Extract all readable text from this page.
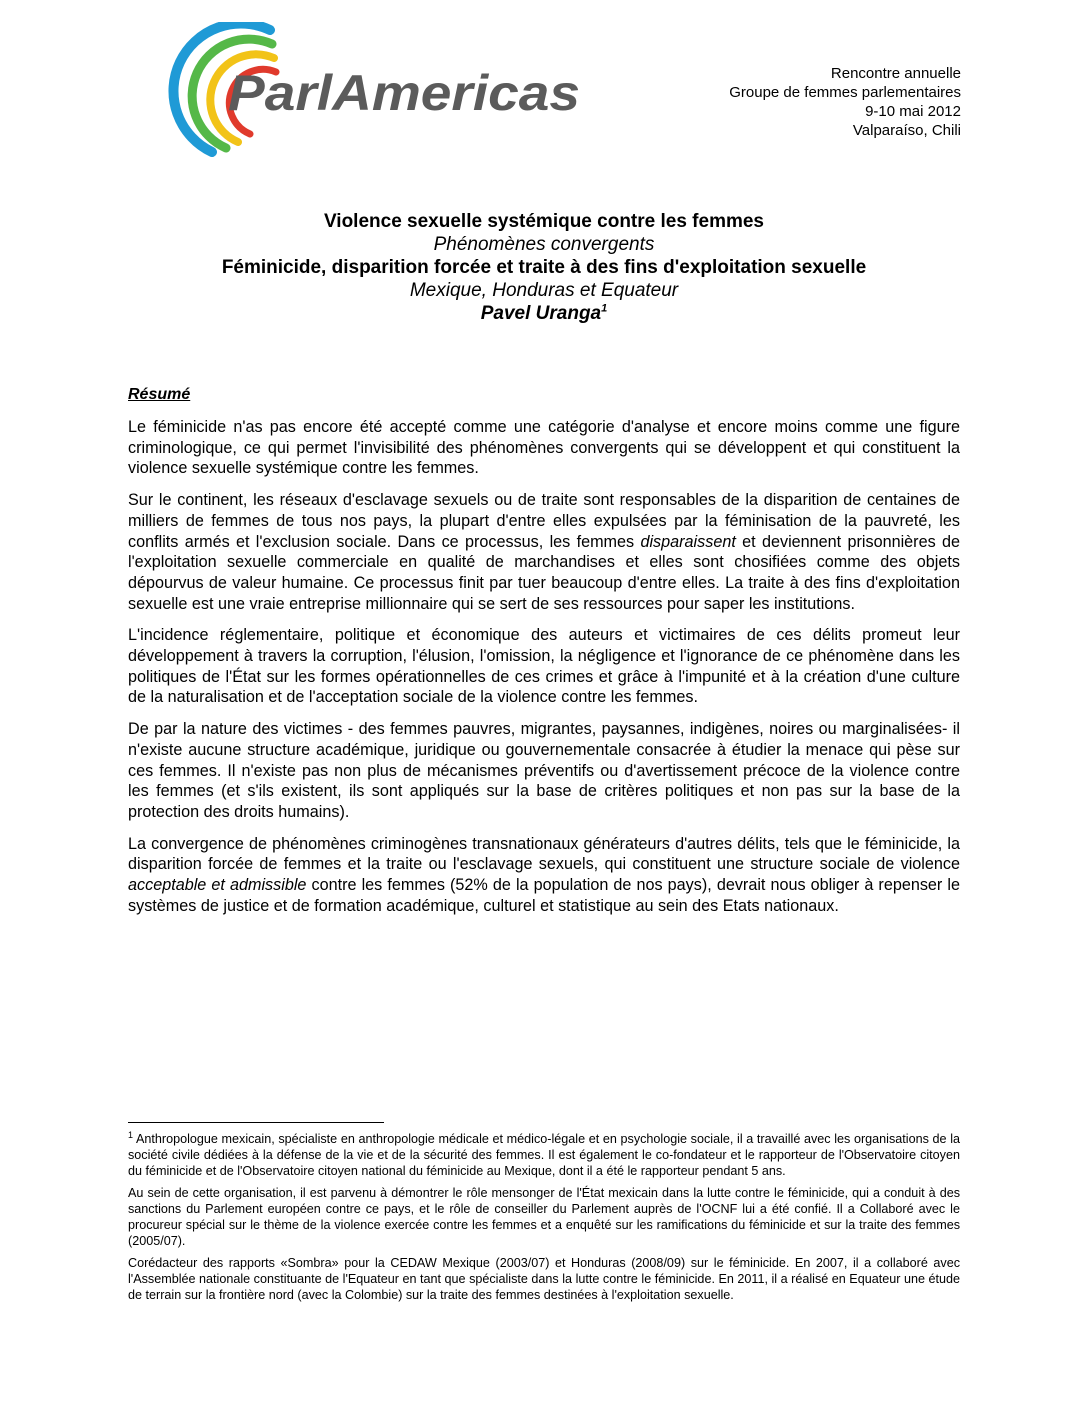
ParlAmericas	Rencontre annuelle
Groupe de femmes parlementaires
9-10 mai 2012
Valparaíso, Chili
Violence sexuelle systémique contre les femmes
Phénomènes convergents
Féminicide, disparition forcée et traite à des fins d'exploitation sexuelle
Mexique, Honduras et Equateur
Pavel Uranga$^1$
Résumé

Le féminicide n'as pas encore été accepté comme une catégorie d'analyse et encore moins comme une figure criminologique, ce qui permet l'invisibilité des phénomènes convergents qui se développent et qui constituent la violence sexuelle systémique contre les femmes.

Sur le continent, les réseaux d'esclavage sexuels ou de traite sont responsables de la disparition de centaines de milliers de femmes de tous nos pays, la plupart d'entre elles expulsées par la féminisation de la pauvreté, les conflits armés et l'exclusion sociale. Dans ce processus, les femmes disparaissent et deviennent prisonnières de l'exploitation sexuelle commerciale en qualité de marchandises et elles sont chosifiées comme des objets dépourvus de valeur humaine. Ce processus finit par tuer beaucoup d'entre elles. La traite à des fins d'exploitation sexuelle est une vraie entreprise millionnaire qui se sert de ses ressources pour saper les institutions.

L'incidence réglementaire, politique et économique des auteurs et victimaires de ces délits promeut leur développement à travers la corruption, l'élusion, l'omission, la négligence et l'ignorance de ce phénomène dans les politiques de l'État sur les formes opérationnelles de ces crimes et grâce à l'impunité et à la création d'une culture de la naturalisation et de l'acceptation sociale de la violence contre les femmes.

De par la nature des victimes - des femmes pauvres, migrantes, paysannes, indigènes, noires ou marginalisées- il n'existe aucune structure académique, juridique ou gouvernementale consacrée à étudier la menace qui pèse sur ces femmes. Il n'existe pas non plus de mécanismes préventifs ou d'avertissement précoce de la violence contre les femmes (et s'ils existent, ils sont appliqués sur la base de critères politiques et non pas sur la base de la protection des droits humains).

La convergence de phénomènes criminogènes transnationaux générateurs d'autres délits, tels que le féminicide, la disparition forcée de femmes et la traite ou l'esclavage sexuels, qui constituent une structure sociale de violence acceptable et admissible contre les femmes (52% de la population de nos pays), devrait nous obliger à repenser le systèmes de justice et de formation académique, culturel et statistique au sein des Etats nationaux.

$^1$ Anthropologue mexicain, spécialiste en anthropologie médicale et médico-légale et en psychologie sociale, il a travaillé avec les organisations de la société civile dédiées à la défense de la vie et de la sécurité des femmes. Il est également le co-fondateur et le rapporteur de l'Observatoire citoyen du féminicide et de l'Observatoire citoyen national du féminicide au Mexique, dont il a été le rapporteur pendant 5 ans.

Au sein de cette organisation, il est parvenu à démontrer le rôle mensonger de l'État mexicain dans la lutte contre le féminicide, qui a conduit à des sanctions du Parlement européen contre ce pays, et le rôle de conseiller du Parlement auprès de l'OCNF lui a été confié. Il a Collaboré avec le procureur spécial sur le thème de la violence exercée contre les femmes et a enquêté sur les ramifications du féminicide et sur la traite des femmes (2005/07).

Corédacteur des rapports «Sombra» pour la CEDAW Mexique (2003/07) et Honduras (2008/09) sur le féminicide. En 2007, il a collaboré avec l'Assemblée nationale constituante de l'Equateur en tant que spécialiste dans la lutte contre le féminicide. En 2011, il a réalisé en Equateur une étude de terrain sur la frontière nord (avec la Colombie) sur la traite des femmes destinées à l'exploitation sexuelle.
